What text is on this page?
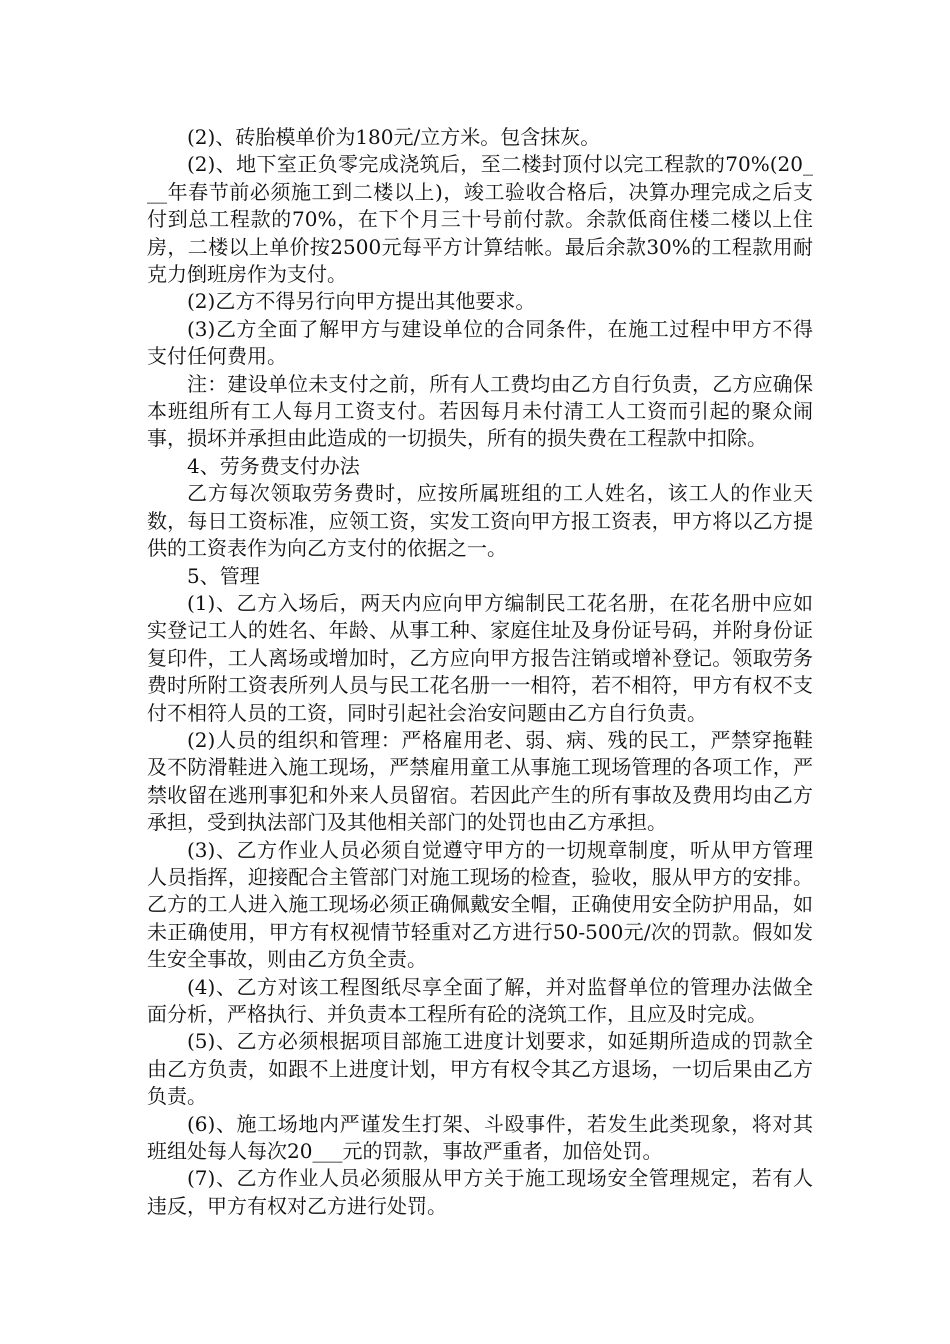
(2)、砖胎模单价为180元/立方米。包含抹灰。

(2)、地下室正负零完成浇筑后，至二楼封顶付以完工程款的70%(20___年春节前必须施工到二楼以上)，竣工验收合格后，决算办理完成之后支付到总工程款的70%，在下个月三十号前付款。余款低商住楼二楼以上住房，二楼以上单价按2500元每平方计算结帐。最后余款30%的工程款用耐克力倒班房作为支付。

(2)乙方不得另行向甲方提出其他要求。

(3)乙方全面了解甲方与建设单位的合同条件，在施工过程中甲方不得支付任何费用。

注：建设单位未支付之前，所有人工费均由乙方自行负责，乙方应确保本班组所有工人每月工资支付。若因每月未付清工人工资而引起的聚众闹事，损坏并承担由此造成的一切损失，所有的损失费在工程款中扣除。

4、劳务费支付办法

乙方每次领取劳务费时，应按所属班组的工人姓名，该工人的作业天数，每日工资标准，应领工资，实发工资向甲方报工资表，甲方将以乙方提供的工资表作为向乙方支付的依据之一。

5、管理

(1)、乙方入场后，两天内应向甲方编制民工花名册，在花名册中应如实登记工人的姓名、年龄、从事工种、家庭住址及身份证号码，并附身份证复印件，工人离场或增加时，乙方应向甲方报告注销或增补登记。领取劳务费时所附工资表所列人员与民工花名册一一相符，若不相符，甲方有权不支付不相符人员的工资，同时引起社会治安问题由乙方自行负责。

(2)人员的组织和管理：严格雇用老、弱、病、残的民工，严禁穿拖鞋及不防滑鞋进入施工现场，严禁雇用童工从事施工现场管理的各项工作，严禁收留在逃刑事犯和外来人员留宿。若因此产生的所有事故及费用均由乙方承担，受到执法部门及其他相关部门的处罚也由乙方承担。

(3)、乙方作业人员必须自觉遵守甲方的一切规章制度，听从甲方管理人员指挥，迎接配合主管部门对施工现场的检查，验收，服从甲方的安排。乙方的工人进入施工现场必须正确佩戴安全帽，正确使用安全防护用品，如未正确使用，甲方有权视情节轻重对乙方进行50-500元/次的罚款。假如发生安全事故，则由乙方负全责。

(4)、乙方对该工程图纸尽享全面了解，并对监督单位的管理办法做全面分析，严格执行、并负责本工程所有砼的浇筑工作，且应及时完成。

(5)、乙方必须根据项目部施工进度计划要求，如延期所造成的罚款全由乙方负责，如跟不上进度计划，甲方有权令其乙方退场，一切后果由乙方负责。

(6)、施工场地内严谨发生打架、斗殴事件，若发生此类现象，将对其班组处每人每次20___元的罚款，事故严重者，加倍处罚。

(7)、乙方作业人员必须服从甲方关于施工现场安全管理规定，若有人违反，甲方有权对乙方进行处罚。
